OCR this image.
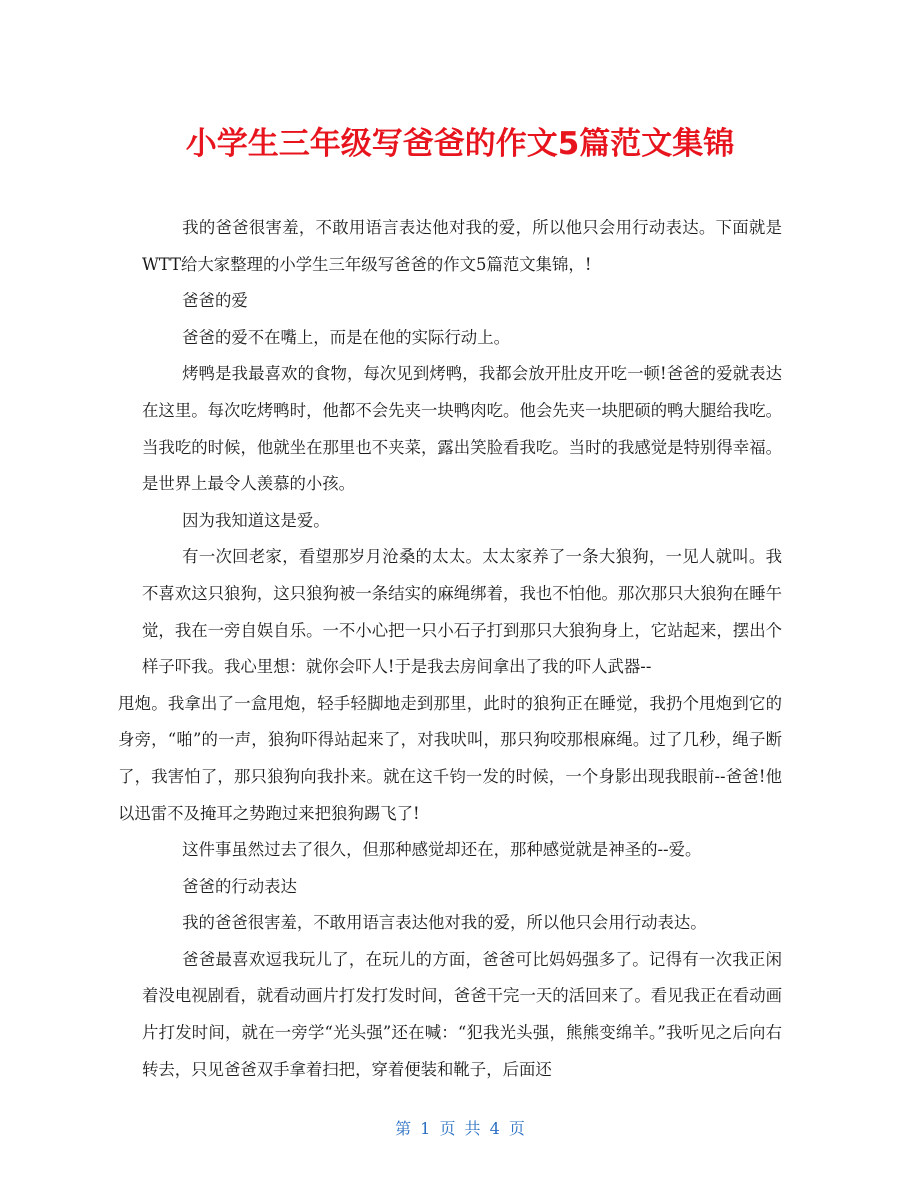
小学生三年级写爸爸的作文5篇范文集锦

我的爸爸很害羞，不敢用语言表达他对我的爱，所以他只会用行动表达。下面就是WTT给大家整理的小学生三年级写爸爸的作文5篇范文集锦，!

爸爸的爱

爸爸的爱不在嘴上，而是在他的实际行动上。

烤鸭是我最喜欢的食物，每次见到烤鸭，我都会放开肚皮开吃一顿!爸爸的爱就表达在这里。每次吃烤鸭时，他都不会先夹一块鸭肉吃。他会先夹一块肥硕的鸭大腿给我吃。当我吃的时候，他就坐在那里也不夹菜，露出笑脸看我吃。当时的我感觉是特别得幸福。是世界上最令人羡慕的小孩。

因为我知道这是爱。

有一次回老家，看望那岁月沧桑的太太。太太家养了一条大狼狗，一见人就叫。我不喜欢这只狼狗，这只狼狗被一条结实的麻绳绑着，我也不怕他。那次那只大狼狗在睡午觉，我在一旁自娱自乐。一不小心把一只小石子打到那只大狼狗身上，它站起来，摆出个样子吓我。我心里想：就你会吓人!于是我去房间拿出了我的吓人武器--

甩炮。我拿出了一盒甩炮，轻手轻脚地走到那里，此时的狼狗正在睡觉，我扔个甩炮到它的身旁，“啪”的一声，狼狗吓得站起来了，对我吠叫，那只狗咬那根麻绳。过了几秒，绳子断了，我害怕了，那只狼狗向我扑来。就在这千钧一发的时候，一个身影出现我眼前--爸爸!他以迅雷不及掩耳之势跑过来把狼狗踢飞了!

这件事虽然过去了很久，但那种感觉却还在，那种感觉就是神圣的--爱。

爸爸的行动表达

我的爸爸很害羞，不敢用语言表达他对我的爱，所以他只会用行动表达。

爸爸最喜欢逗我玩儿了，在玩儿的方面，爸爸可比妈妈强多了。记得有一次我正闲着没电视剧看，就看动画片打发打发时间，爸爸干完一天的活回来了。看见我正在看动画片打发时间，就在一旁学“光头强”还在喊：“犯我光头强，熊熊变绵羊。”我听见之后向右转去，只见爸爸双手拿着扫把，穿着便装和靴子，后面还

第 1 页 共 4 页
